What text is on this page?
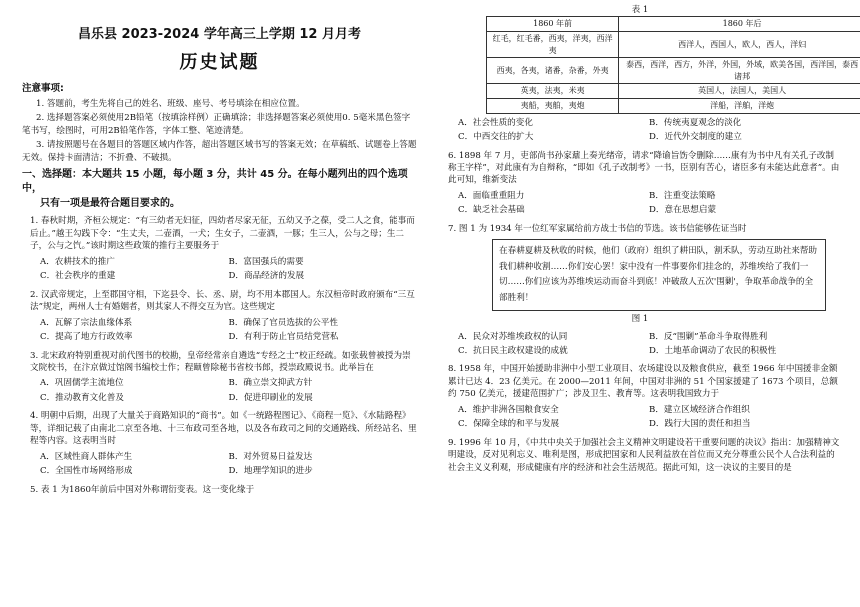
昌乐县 2023-2024 学年高三上学期 12 月月考
历史试题
注意事项:
1. 答题前，考生先将自己的姓名、班级、座号、考号填涂在相应位置。
2. 选择题答案必须使用2B铅笔（按填涂样例）正确填涂；非选择题答案必须使用0. 5毫米黑色签字笔书写，绘图时，可用2B铅笔作答，字体工整、笔迹清楚。
3. 请按照题号在各题目的答题区域内作答，超出答题区域书写的答案无效；在草稿纸、试题卷上答题无效。保持卡面清洁；不折叠、不破损。
一、选择题：本大题共 15 小题，每小题 3 分，共计 45 分。在每小题列出的四个选项中，
只有一项是最符合题目要求的。
1. 春秋时期，齐桓公规定：“有三幼者无妇征，四幼者尽家无征，五幼又予之葆，受二人之食，能事而后止。”越王勾践下令：“生丈夫，二壶酒，一犬；生女子，二壶酒，一豚；生三人，公与之母；生二子，公与之饩。”该时期这些政策的推行主要服务于
A．农耕技术的推广	B．富国强兵的需要
C．社会秩序的重建	D．商品经济的发展
2. 汉武帝规定，上至郡国守相，下迄县令、长、丞、尉，均不用本郡国人。东汉桓帝时政府颁布“三互法”规定，两州人士有婚姻者，则其家人不得交互为官。这些规定
A．瓦解了宗法血缘体系	B．确保了官员选拔的公平性
C．提高了地方行政效率	D．有利于防止官员结党营私
3. 北宋政府特别重视对前代图书的校勘，皇帝经常亲自遴选“专经之士”校正经疏。如张载曾被授为崇文院校书，在汴京做过馆阁书编校士作；程颐曾除秘书省校书郎，授崇政殿说书。此举旨在
A．巩固儒学主流地位	B．确立崇文抑武方针
C．推动教育文化普及	D．促进印刷业的发展
4. 明朝中后期，出现了大量关于商路知识的“商书”。如《一统路程图记》、《商程一览》、《水陆路程》等，详细记载了由南北二京至各地、十三布政司至各地，以及各布政司之间的交通路线、所经站名、里程等内容。这表明当时
A．区域性商人群体产生	B．对外贸易日益发达
C．全国性市场网络形成	D．地理学知识的进步
5. 表 1 为1860年前后中国对外称谓衍变表。这一变化缘于
表 1
1860 年前	1860 年后
红毛，红毛番，西夷，洋夷，西洋夷	西洋人，西国人，欧人，西人，洋妇
西夷，各夷，诸番，杂番，外夷	泰西，西洋，西方，外洋，外国，外域，欧美各国，西洋国，泰西诸邦
英夷，法夷，米夷	英国人，法国人，美国人
夷船，夷舶，夷炮	洋船，洋舶，洋炮
A．社会性质的变化	B．传统夷夏观念的淡化
C．中西交往的扩大	D．近代外交制度的建立
6. 1898 年 7 月，吏部尚书孙家鼐上奏光绪帝，请求“降谕旨饬令删除……康有为书中凡有关孔子改制称王字样”，对此康有为自辩称，“即如《孔子改制考》一书，臣别有苦心，诸臣多有未能达此意者”。由此可知，维新变法
A．面临重重阻力	B．注重变法策略
C．缺乏社会基础	D．意在思想启蒙
7. 图 1 为 1934 年一位红军家属给前方战士书信的节选。该书信能够佐证当时
在春耕夏耕及秋收的时候，他们（政府）组织了耕田队，割禾队，劳动互助社来帮助我们耕种收割……你们安心罢！家中没有一件事要你们挂念的，苏维埃给了我们一切……你们应该为苏维埃运动而奋斗到底！冲破敌人五次'围剿'，争取革命战争的全部胜利！
图 1
A．民众对苏维埃政权的认同	B．反“围剿”革命斗争取得胜利
C．抗日民主政权建设的成就	D．土地革命调动了农民的积极性
8. 1958 年，中国开始援助非洲中小型工业项目、农场建设以及粮食供应，截至 1966 年中国援非金额累计已达 4．23 亿美元。在 2000—2011 年间，中国对非洲的 51 个国家援建了 1673 个项目，总额约 750 亿美元，援建范围扩广；涉及卫生、教育等。这表明我国致力于
A．维护非洲各国粮食安全	B．建立区域经济合作组织
C．保障全球的和平与发展	D．践行大国的责任和担当
9. 1996 年 10 月，《中共中央关于加强社会主义精神文明建设若干重要问题的决议》指出：加强精神文明建设，反对见利忘义、唯利是图，形成把国家和人民利益放在首位而又充分尊重公民个人合法利益的社会主义义利观，形成健康有序的经济和社会生活规范。据此可知，这一决议的主要目的是
